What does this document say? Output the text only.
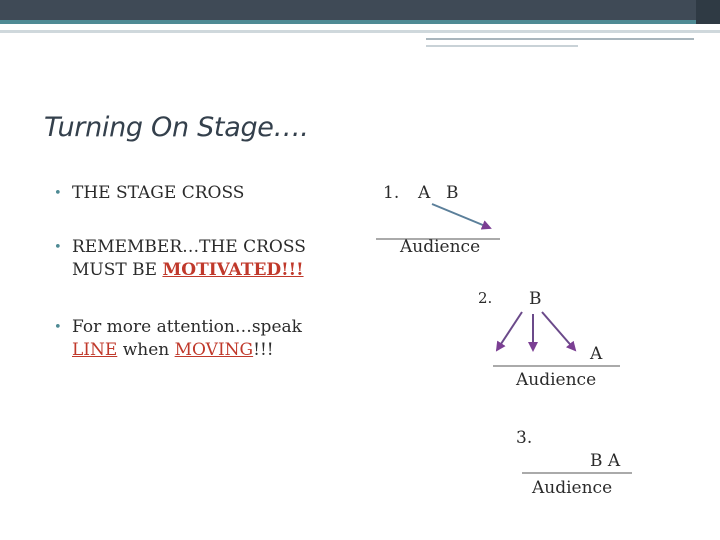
Turning On Stage….
• THE STAGE CROSS
• REMEMBER…THE CROSS
MUST BE MOTIVATED!!!
• For more attention…speak
LINE when MOVING!!!
1. A B
Audience
2. B
A
Audience
3.
B A
Audience
